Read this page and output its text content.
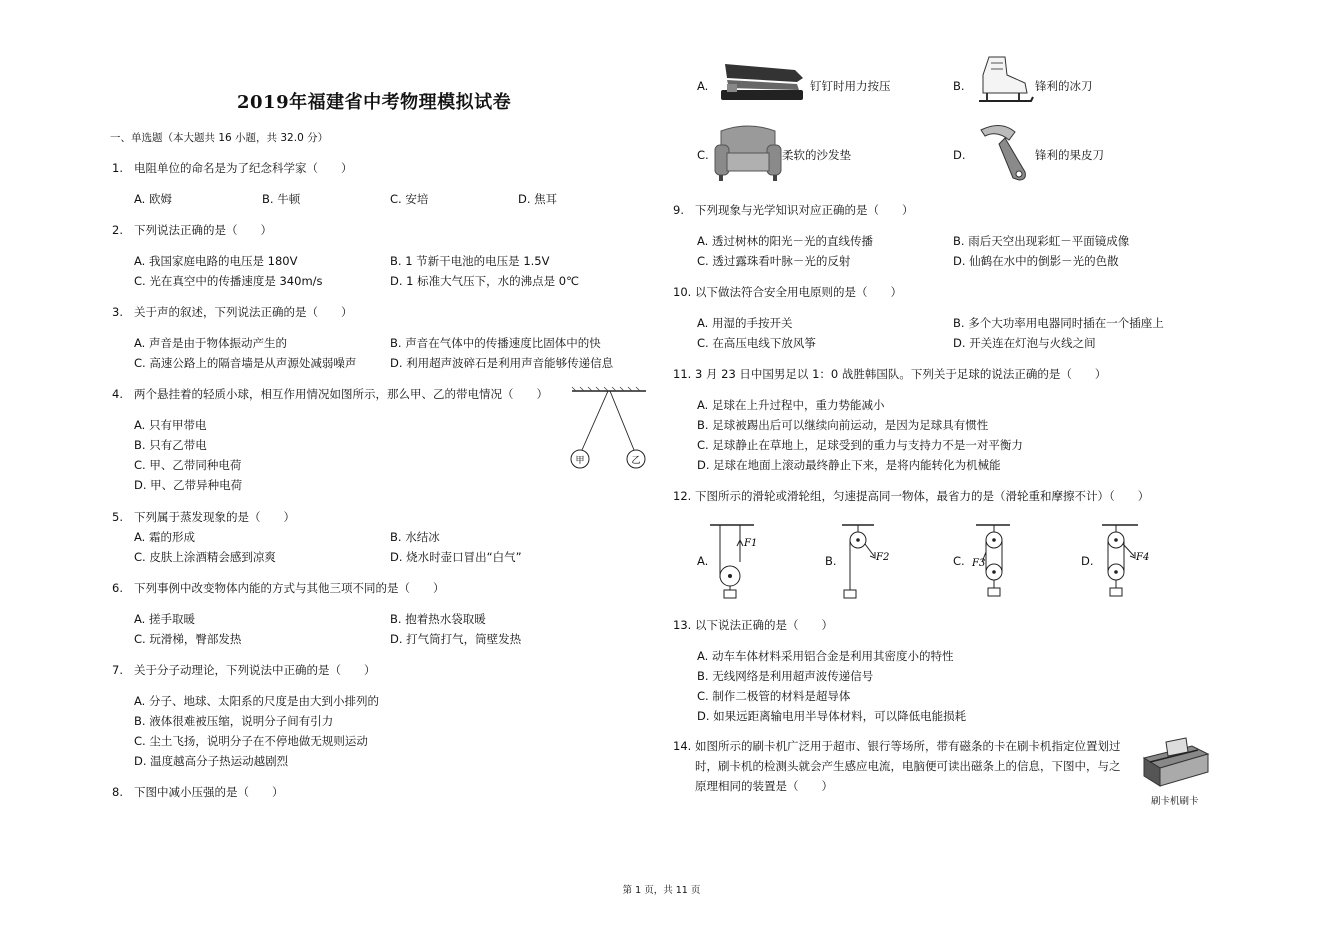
2019年福建省中考物理模拟试卷
一、单选题（本大题共 16 小题，共 32.0 分）
1. 电阻单位的命名是为了纪念科学家（　　）
A. 欧姆	B. 牛顿	C. 安培	D. 焦耳
2. 下列说法正确的是（　　）
A. 我国家庭电路的电压是 180V	B. 1 节新干电池的电压是 1.5V
C. 光在真空中的传播速度是 340m/s	D. 1 标准大气压下，水的沸点是 0℃
3. 关于声的叙述，下列说法正确的是（　　）
A. 声音是由于物体振动产生的	B. 声音在气体中的传播速度比固体中的快
C. 高速公路上的隔音墙是从声源处减弱噪声	D. 利用超声波碎石是利用声音能够传递信息
4. 两个悬挂着的轻质小球，相互作用情况如图所示，那么甲、乙的带电情况（　　）
A. 只有甲带电
B. 只有乙带电
C. 甲、乙带同种电荷
D. 甲、乙带异种电荷
甲	乙
5. 下列属于蒸发现象的是（　　）
A. 霜的形成	B. 水结冰
C. 皮肤上涂酒精会感到凉爽	D. 烧水时壶口冒出“白气”
6. 下列事例中改变物体内能的方式与其他三项不同的是（　　）
A. 搓手取暖	B. 抱着热水袋取暖
C. 玩滑梯，臀部发热	D. 打气筒打气，筒壁发热
7. 关于分子动理论，下列说法中正确的是（　　）
A. 分子、地球、太阳系的尺度是由大到小排列的
B. 液体很难被压缩，说明分子间有引力
C. 尘土飞扬，说明分子在不停地做无规则运动
D. 温度越高分子热运动越剧烈
8. 下图中减小压强的是（　　）
A.	钉钉时用力按压	B.	锋利的冰刀
C.	柔软的沙发垫	D.	锋利的果皮刀
9. 下列现象与光学知识对应正确的是（　　）
A. 透过树林的阳光－光的直线传播	B. 雨后天空出现彩虹－平面镜成像
C. 透过露珠看叶脉－光的反射	D. 仙鹤在水中的倒影－光的色散
10. 以下做法符合安全用电原则的是（　　）
A. 用湿的手按开关	B. 多个大功率用电器同时插在一个插座上
C. 在高压电线下放风筝	D. 开关连在灯泡与火线之间
11. 3 月 23 日中国男足以 1：0 战胜韩国队。下列关于足球的说法正确的是（　　）
A. 足球在上升过程中，重力势能减小
B. 足球被踢出后可以继续向前运动，是因为足球具有惯性
C. 足球静止在草地上，足球受到的重力与支持力不是一对平衡力
D. 足球在地面上滚动最终静止下来，是将内能转化为机械能
12. 下图所示的滑轮或滑轮组，匀速提高同一物体，最省力的是（滑轮重和摩擦不计）（　　）
A.
F1
B.	F2	C. F3	D.	F4
13. 以下说法正确的是（　　）
A. 动车车体材料采用铝合金是利用其密度小的特性
B. 无线网络是利用超声波传递信号
C. 制作二极管的材料是超导体
D. 如果远距离输电用半导体材料，可以降低电能损耗
14. 如图所示的刷卡机广泛用于超市、银行等场所，带有磁条的卡在刷卡机指定位置划过
时，刷卡机的检测头就会产生感应电流，电脑便可读出磁条上的信息，下图中，与之
原理相同的装置是（　　）
刷卡机刷卡
第 1 页，共 11 页
